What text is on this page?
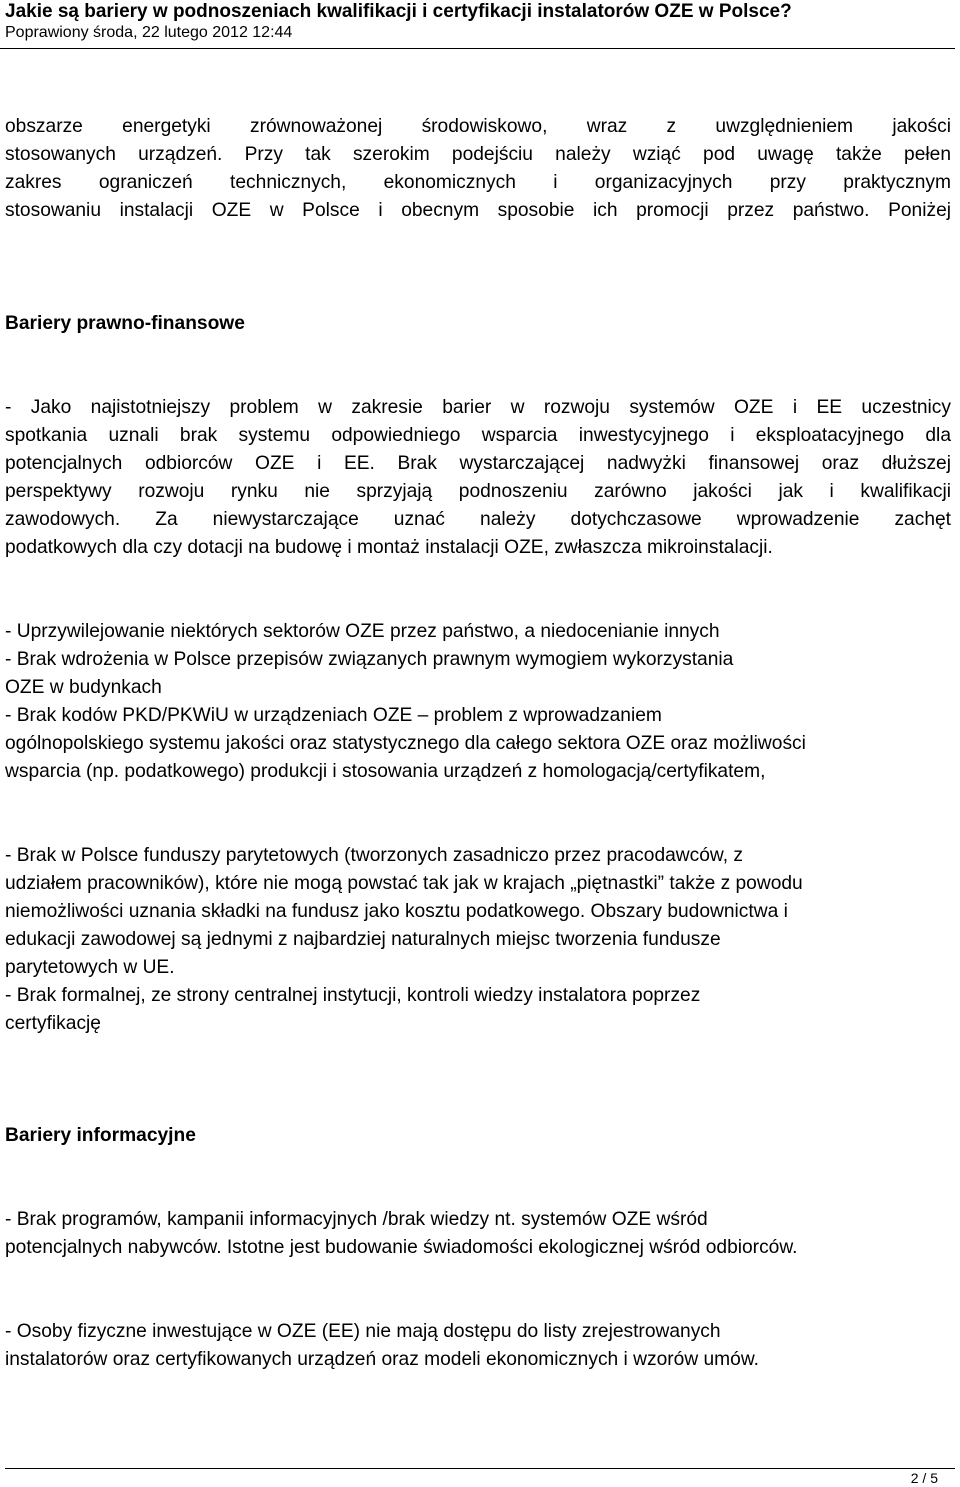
Jakie są bariery w podnoszeniach kwalifikacji i certyfikacji instalatorów OZE w Polsce?
Poprawiony środa, 22 lutego 2012 12:44
obszarze energetyki zrównoważonej środowiskowo, wraz z uwzględnieniem jakości
stosowanych urządzeń. Przy tak szerokim podejściu należy wziąć pod uwagę także pełen
zakres ograniczeń technicznych, ekonomicznych i organizacyjnych przy praktycznym
stosowaniu instalacji OZE w Polsce i obecnym sposobie ich promocji przez państwo. Poniżej
Bariery prawno-finansowe
- Jako najistotniejszy problem w zakresie barier w rozwoju systemów OZE i EE uczestnicy
spotkania uznali brak systemu odpowiedniego wsparcia inwestycyjnego i eksploatacyjnego dla
potencjalnych odbiorców OZE i EE. Brak wystarczającej nadwyżki finansowej oraz dłuższej
perspektywy rozwoju rynku nie sprzyjają podnoszeniu zarówno jakości jak i kwalifikacji
zawodowych. Za niewystarczające uznać należy dotychczasowe wprowadzenie zachęt
podatkowych dla czy dotacji na budowę i montaż instalacji OZE, zwłaszcza mikroinstalacji.
- Uprzywilejowanie niektórych sektorów OZE przez państwo, a niedocenianie innych
- Brak wdrożenia w Polsce przepisów związanych prawnym wymogiem wykorzystania
OZE w budynkach
- Brak kodów PKD/PKWiU w urządzeniach OZE – problem z wprowadzaniem
ogólnopolskiego systemu jakości oraz statystycznego dla całego sektora OZE oraz możliwości
wsparcia (np. podatkowego) produkcji i stosowania urządzeń z homologacją/certyfikatem,
- Brak w Polsce funduszy parytetowych (tworzonych zasadniczo przez pracodawców, z
udziałem pracowników), które nie mogą powstać tak jak w krajach „piętnastki” także z powodu
niemożliwości uznania składki na fundusz jako kosztu podatkowego. Obszary budownictwa i
edukacji zawodowej są jednymi z najbardziej naturalnych miejsc tworzenia fundusze
parytetowych w UE.
- Brak formalnej, ze strony centralnej instytucji, kontroli wiedzy instalatora poprzez
certyfikację
Bariery informacyjne
- Brak programów, kampanii informacyjnych /brak wiedzy nt. systemów OZE wśród
potencjalnych nabywców. Istotne jest budowanie świadomości ekologicznej wśród odbiorców.
- Osoby fizyczne inwestujące w OZE (EE) nie mają dostępu do listy zrejestrowanych
instalatorów oraz certyfikowanych urządzeń oraz modeli ekonomicznych i wzorów umów.
2 / 5
